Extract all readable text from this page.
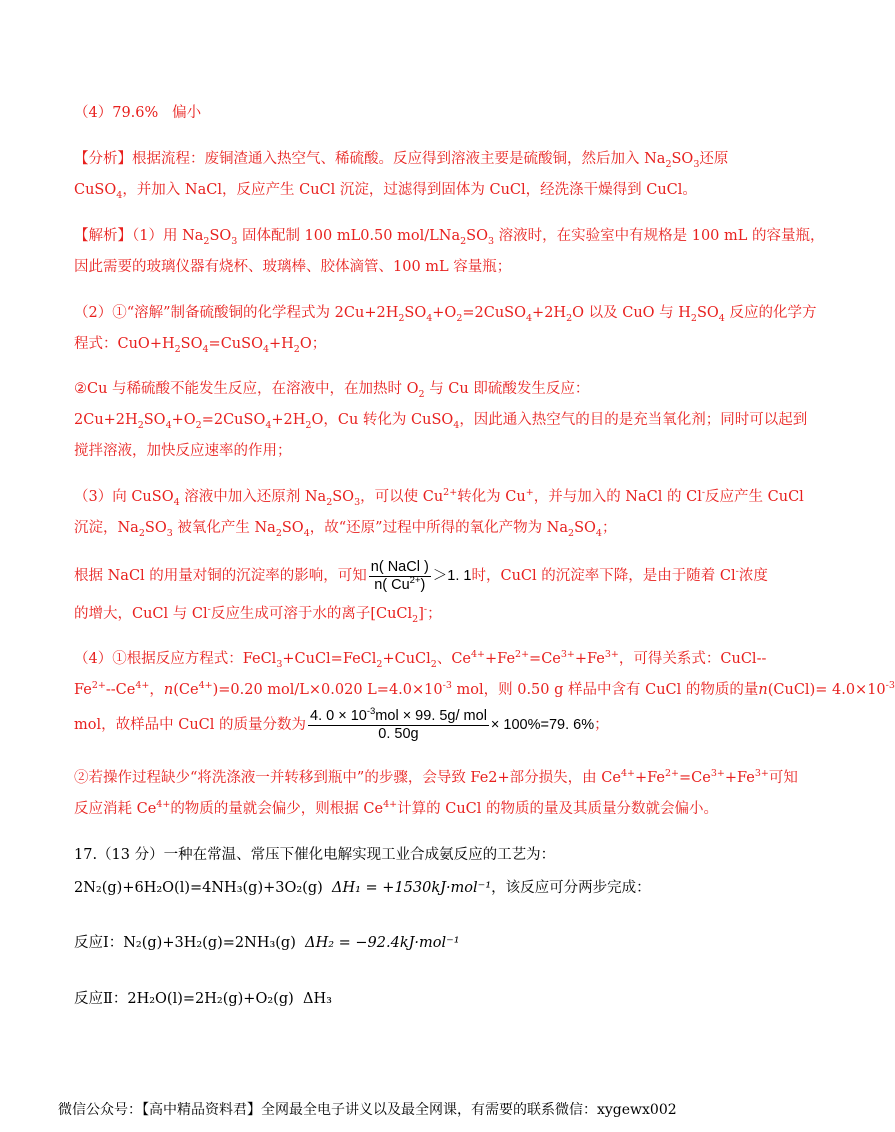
（4）79.6% 偏小
【分析】根据流程：废铜渣通入热空气、稀硫酸。反应得到溶液主要是硫酸铜，然后加入 $Na_2SO_3$还原
CuSO$_4$，并加入 NaCl，反应产生 CuCl 沉淀，过滤得到固体为 CuCl，经洗涤干燥得到 CuCl。
【解析】（1）用 $Na_2SO_3$ 固体配制 100 mL0.50 mol/$LNa_2SO_3$ 溶液时，在实验室中有规格是 100 mL 的容量瓶，
因此需要的玻璃仪器有烧杯、玻璃棒、胶体滴管、100 mL 容量瓶；
（2）①“溶解”制备硫酸铜的化学程式为 $2Cu+2H_2SO_4+O_2=2CuSO_4+2H_2O$ 以及 CuO 与 $H_2SO_4$ 反应的化学方
程式：$CuO+H_2SO_4=CuSO_4+H_2O$；
②Cu 与稀硫酸不能发生反应，在溶液中，在加热时 $O_2$ 与 Cu 即硫酸发生反应：
$2Cu+2H_2SO_4+O_2=2CuSO_4+2H_2O$，Cu 转化为 CuSO$_4$，因此通入热空气的目的是充当氧化剂；同时可以起到
搅拌溶液，加快反应速率的作用；
（3）向 CuSO$_4$ 溶液中加入还原剂 $Na_2SO_3$，可以使 $Cu^{2+}$转化为 Cu+，并与加入的 NaCl 的 Cl-反应产生 CuCl
沉淀，$Na_2SO_3$ 被氧化产生 $Na_2SO_4$，故“还原”过程中所得的氧化产物为 $Na_2SO_4$；
根据 NaCl 的用量对铜的沉淀率的影响，可知 $\frac{\text{n( NaCl )}}{n( Cu^{2+})} >1$. 1时，CuCl 的沉淀率下降，是由于随着 Cl-浓度
的增大，CuCl 与 Cl-反应生成可溶于水的离子[CuCl$_2$]-；
（4）①根据反应方程式：FeCl$_3$+CuCl=FeCl$_2$+CuCl$_2$、$Ce^{4+}+Fe^{2+}=Ce^{3+}+Fe^{3+}$，可得关系式：CuCl--
$Fe^{2+}--Ce^{4+}$，$n(Ce^{4+})=0.20$ mol/L×0.020 $L=4.0\times 10^{-3}$ mol，则 0.50 g 样品中含有 CuCl 的物质的量n(CuCl)= $4.0\times 10^{-3}$
mol，故样品中 CuCl 的质量分数为 $\frac{4. 0 \times 10^{-3}mol \times 99. 5g/ mol}{0. 50g} \times 100\%=79$. 6%；
②若操作过程缺少“将洗涤液一并转移到瓶中”的步骤，会导致 Fe2+部分损失，由 $Ce^{4+}+Fe^{2+}=Ce^{3+}+Fe^{3+}$可知
反应消耗 $Ce^{4+}$的物质的量就会偏少，则根据 $Ce^{4+}$计算的 CuCl 的物质的量及其质量分数就会偏小。
17.（13 分）一种在常温、常压下催化电解实现工业合成氨反应的工艺为：
2N₂(g)+6H₂O(l)=4NH₃(g)+3O₂(g) ΔH₁ = +1530kJ·mol⁻¹，该反应可分两步完成：
反应Ⅰ：N₂(g)+3H₂(g)=2NH₃(g) ΔH₂ = −92.4kJ·mol⁻¹
反应Ⅱ：2H₂O(l)=2H₂(g)+O₂(g) ΔH₃
微信公众号：【高中精品资料君】全网最全电子讲义以及最全网课，有需要的联系微信：xygewx002
